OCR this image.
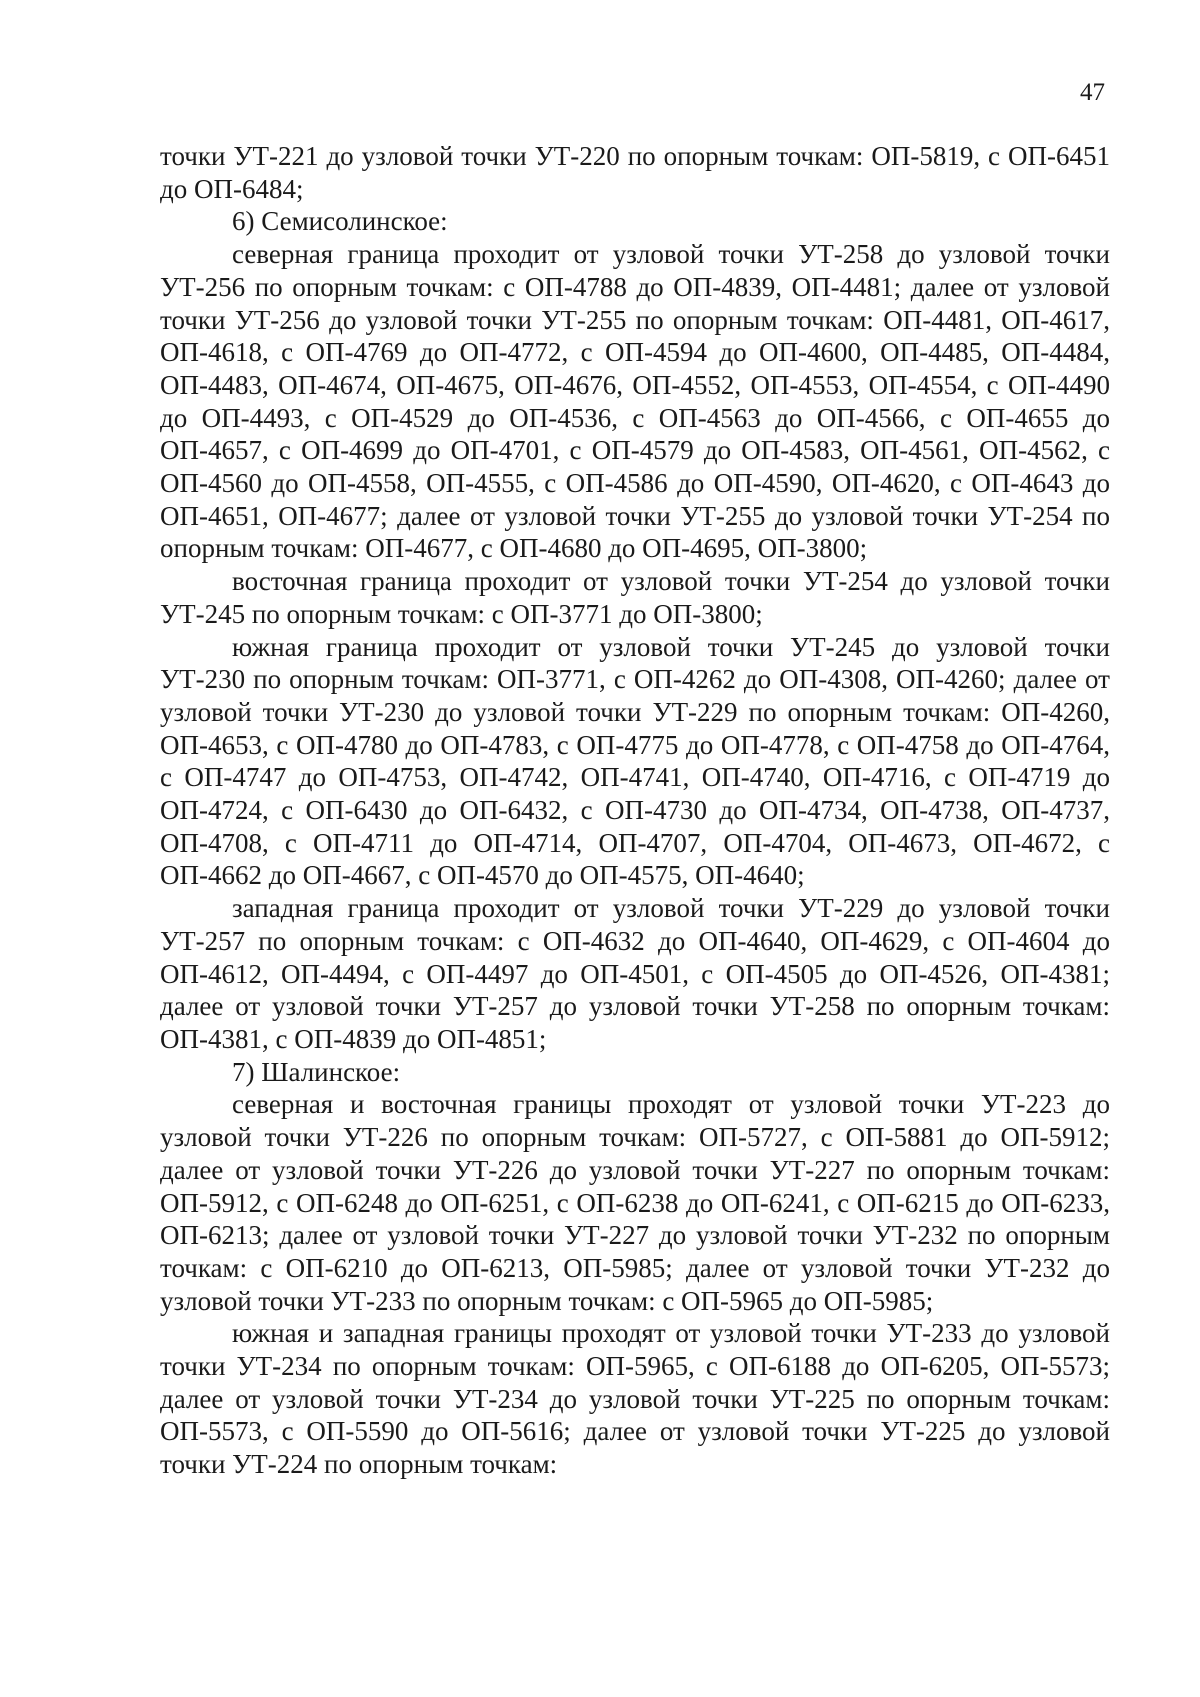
47

точки УТ-221 до узловой точки УТ-220 по опорным точкам: ОП-5819, с ОП-6451 до ОП-6484;

6) Семисолинское:

северная граница проходит от узловой точки УТ-258 до узловой точки УТ-256 по опорным точкам: с ОП-4788 до ОП-4839, ОП-4481; далее от узловой точки УТ-256 до узловой точки УТ-255 по опорным точкам: ОП-4481, ОП-4617, ОП-4618, с ОП-4769 до ОП-4772, с ОП-4594 до ОП-4600, ОП-4485, ОП-4484, ОП-4483, ОП-4674, ОП-4675, ОП-4676, ОП-4552, ОП-4553, ОП-4554, с ОП-4490 до ОП-4493, с ОП-4529 до ОП-4536, с ОП-4563 до ОП-4566, с ОП-4655 до ОП-4657, с ОП-4699 до ОП-4701, с ОП-4579 до ОП-4583, ОП-4561, ОП-4562, с ОП-4560 до ОП-4558, ОП-4555, с ОП-4586 до ОП-4590, ОП-4620, с ОП-4643 до ОП-4651, ОП-4677; далее от узловой точки УТ-255 до узловой точки УТ-254 по опорным точкам: ОП-4677, с ОП-4680 до ОП-4695, ОП-3800;

восточная граница проходит от узловой точки УТ-254 до узловой точки УТ-245 по опорным точкам: с ОП-3771 до ОП-3800;

южная граница проходит от узловой точки УТ-245 до узловой точки УТ-230 по опорным точкам: ОП-3771, с ОП-4262 до ОП-4308, ОП-4260; далее от узловой точки УТ-230 до узловой точки УТ-229 по опорным точкам: ОП-4260, ОП-4653, с ОП-4780 до ОП-4783, с ОП-4775 до ОП-4778, с ОП-4758 до ОП-4764, с ОП-4747 до ОП-4753, ОП-4742, ОП-4741, ОП-4740, ОП-4716, с ОП-4719 до ОП-4724, с ОП-6430 до ОП-6432, с ОП-4730 до ОП-4734, ОП-4738, ОП-4737, ОП-4708, с ОП-4711 до ОП-4714, ОП-4707, ОП-4704, ОП-4673, ОП-4672, с ОП-4662 до ОП-4667, с ОП-4570 до ОП-4575, ОП-4640;

западная граница проходит от узловой точки УТ-229 до узловой точки УТ-257 по опорным точкам: с ОП-4632 до ОП-4640, ОП-4629, с ОП-4604 до ОП-4612, ОП-4494, с ОП-4497 до ОП-4501, с ОП-4505 до ОП-4526, ОП-4381; далее от узловой точки УТ-257 до узловой точки УТ-258 по опорным точкам: ОП-4381, с ОП-4839 до ОП-4851;

7) Шалинское:

северная и восточная границы проходят от узловой точки УТ-223 до узловой точки УТ-226 по опорным точкам: ОП-5727, с ОП-5881 до ОП-5912; далее от узловой точки УТ-226 до узловой точки УТ-227 по опорным точкам: ОП-5912, с ОП-6248 до ОП-6251, с ОП-6238 до ОП-6241, с ОП-6215 до ОП-6233, ОП-6213; далее от узловой точки УТ-227 до узловой точки УТ-232 по опорным точкам: с ОП-6210 до ОП-6213, ОП-5985; далее от узловой точки УТ-232 до узловой точки УТ-233 по опорным точкам: с ОП-5965 до ОП-5985;

южная и западная границы проходят от узловой точки УТ-233 до узловой точки УТ-234 по опорным точкам: ОП-5965, с ОП-6188 до ОП-6205, ОП-5573; далее от узловой точки УТ-234 до узловой точки УТ-225 по опорным точкам: ОП-5573, с ОП-5590 до ОП-5616; далее от узловой точки УТ-225 до узловой точки УТ-224 по опорным точкам:
